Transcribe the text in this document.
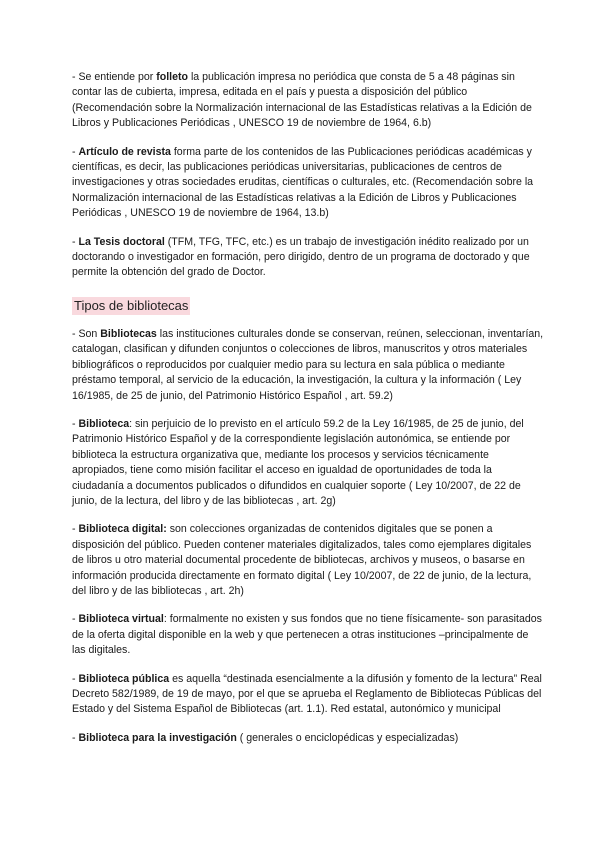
- Se entiende por folleto la publicación impresa no periódica que consta de 5 a 48 páginas sin contar las de cubierta, impresa, editada en el país y puesta a disposición del público (Recomendación sobre la Normalización internacional de las Estadísticas relativas a la Edición de Libros y Publicaciones Periódicas , UNESCO 19 de noviembre de 1964, 6.b)

- Artículo de revista forma parte de los contenidos de las Publicaciones periódicas académicas y científicas, es decir, las publicaciones periódicas universitarias, publicaciones de centros de investigaciones y otras sociedades eruditas, científicas o culturales, etc. (Recomendación sobre la Normalización internacional de las Estadísticas relativas a la Edición de Libros y Publicaciones Periódicas , UNESCO 19 de noviembre de 1964, 13.b)

- La Tesis doctoral (TFM, TFG, TFC, etc.) es un trabajo de investigación inédito realizado por un doctorando o investigador en formación, pero dirigido, dentro de un programa de doctorado y que permite la obtención del grado de Doctor.

Tipos de bibliotecas

- Son Bibliotecas las instituciones culturales donde se conservan, reúnen, seleccionan, inventarían, catalogan, clasifican y difunden conjuntos o colecciones de libros, manuscritos y otros materiales bibliográficos o reproducidos por cualquier medio para su lectura en sala pública o mediante préstamo temporal, al servicio de la educación, la investigación, la cultura y la información ( Ley 16/1985, de 25 de junio, del Patrimonio Histórico Español , art. 59.2)

- Biblioteca: sin perjuicio de lo previsto en el artículo 59.2 de la Ley 16/1985, de 25 de junio, del Patrimonio Histórico Español y de la correspondiente legislación autonómica, se entiende por biblioteca la estructura organizativa que, mediante los procesos y servicios técnicamente apropiados, tiene como misión facilitar el acceso en igualdad de oportunidades de toda la ciudadanía a documentos publicados o difundidos en cualquier soporte ( Ley 10/2007, de 22 de junio, de la lectura, del libro y de las bibliotecas , art. 2g)

- Biblioteca digital: son colecciones organizadas de contenidos digitales que se ponen a disposición del público. Pueden contener materiales digitalizados, tales como ejemplares digitales de libros u otro material documental procedente de bibliotecas, archivos y museos, o basarse en información producida directamente en formato digital ( Ley 10/2007, de 22 de junio, de la lectura, del libro y de las bibliotecas , art. 2h)

- Biblioteca virtual: formalmente no existen y sus fondos que no tiene físicamente- son parasitados de la oferta digital disponible en la web y que pertenecen a otras instituciones –principalmente de las digitales.

- Biblioteca pública es aquella “destinada esencialmente a la difusión y fomento de la lectura” Real Decreto 582/1989, de 19 de mayo, por el que se aprueba el Reglamento de Bibliotecas Públicas del Estado y del Sistema Español de Bibliotecas (art. 1.1). Red estatal, autonómico y municipal

- Biblioteca para la investigación ( generales o enciclopédicas y especializadas)
